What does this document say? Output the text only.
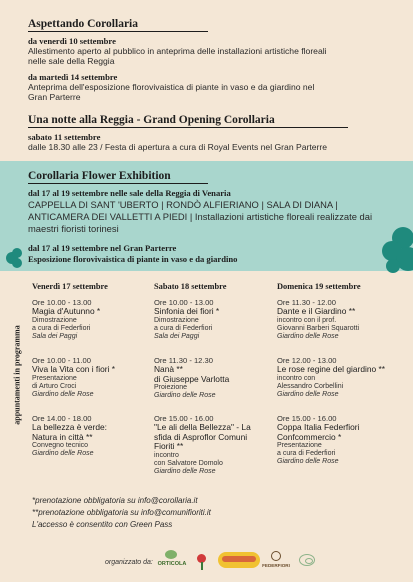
Aspettando Corollaria
da venerdì 10 settembre
Allestimento aperto al pubblico in anteprima delle installazioni artistiche floreali
nelle sale della Reggia
da martedì 14 settembre
Anteprima dell'esposizione florovivaistica di piante in vaso e da giardino nel
Gran Parterre
Una notte alla Reggia - Grand Opening Corollaria
sabato 11 settembre
dalle 18.30 alle 23 / Festa di apertura a cura di Royal Events nel Gran Parterre
Corollaria Flower Exhibition
dal 17 al 19 settembre nelle sale della Reggia di Venaria
CAPPELLA DI SANT 'UBERTO | RONDÒ ALFIERIANO | SALA DI DIANA |
ANTICAMERA DEI VALLETTI A PIEDI | Installazioni artistiche floreali realizzate dai
maestri fioristi torinesi
dal 17 al 19 settembre nel Gran Parterre
Esposizione florovivaistica di piante in vaso e da giardino
appuntamenti in programma
Venerdì 17 settembre
Ore 10.00 - 13.00
Magia d'Autunno *
Dimostrazione
a cura di Federfiori
Sala dei Paggi
Ore 10.00 - 11.00
Viva la Vita con i fiori *
Presentazione
di Arturo Croci
Giardino delle Rose
Ore 14.00 - 18.00
La bellezza è verde:
Natura in città **
Convegno tecnico
Giardino delle Rose
Sabato 18 settembre
Ore 10.00 - 13.00
Sinfonia dei fiori *
Dimostrazione
a cura di Federfiori
Sala dei Paggi
Ore 11.30 - 12.30
Nanà **
di Giuseppe Varlotta
Proiezione
Giardino delle Rose
Ore 15.00 - 16.00
"Le ali della Bellezza" - La
sfida di Asproflor Comuni
Fioriti **
incontro
con Salvatore Domolo
Giardino delle Rose
Domenica 19 settembre
Ore 11.30 - 12.00
Dante e il Giardino **
incontro con il prof.
Giovanni Barberi Squarotti
Giardino delle Rose
Ore 12.00 - 13.00
Le rose regine del giardino **
incontro con
Alessandro Corbellini
Giardino delle Rose
Ore 15.00 - 16.00
Coppa Italia Federfiori
Confcommercio *
Presentazione
a cura di Federfiori
Giardino delle Rose
*prenotazione obbligatoria su info@corollaria.it
**prenotazione obbligatoria su info@comunifioriti.it
L'accesso è consentito con Green Pass
organizzato da: ORTICOLA	FEDERFIORI
